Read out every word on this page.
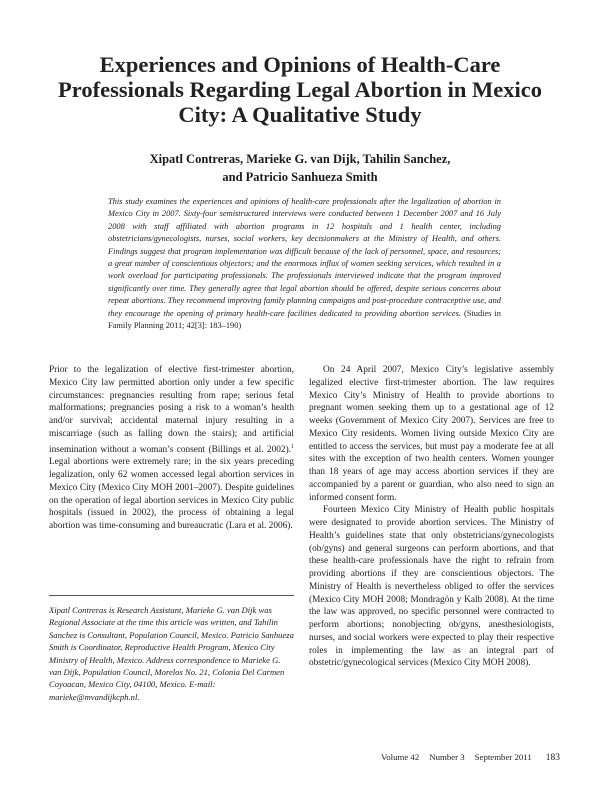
Experiences and Opinions of Health-Care Professionals Regarding Legal Abortion in Mexico City: A Qualitative Study
Xipatl Contreras, Marieke G. van Dijk, Tahilin Sanchez,
and Patricio Sanhueza Smith
This study examines the experiences and opinions of health-care professionals after the legalization of abortion in Mexico City in 2007. Sixty-four semistructured interviews were conducted between 1 December 2007 and 16 July 2008 with staff affiliated with abortion programs in 12 hospitals and 1 health center, including obstetricians/gynecologists, nurses, social workers, key decisionmakers at the Ministry of Health, and others. Findings suggest that program implementation was difficult because of the lack of personnel, space, and resources; a great number of conscientious objectors; and the enormous influx of women seeking services, which resulted in a work overload for participating professionals. The professionals interviewed indicate that the program improved significantly over time. They generally agree that legal abortion should be offered, despite serious concerns about repeat abortions. They recommend improving family planning campaigns and post-procedure contraceptive use, and they encourage the opening of primary health-care facilities dedicated to providing abortion services. (Studies in Family Planning 2011; 42[3]: 183–190)

Prior to the legalization of elective first-trimester abortion, Mexico City law permitted abortion only under a few specific circumstances: pregnancies resulting from rape; serious fetal malformations; pregnancies posing a risk to a woman’s health and/or survival; accidental maternal injury resulting in a miscarriage (such as falling down the stairs); and artificial insemination without a woman’s consent (Billings et al. 2002).$^1$ Legal abortions were extremely rare; in the six years preceding legalization, only 62 women accessed legal abortion services in Mexico City (Mexico City MOH 2001–2007). Despite guidelines on the operation of legal abortion services in Mexico City public hospitals (issued in 2002), the process of obtaining a legal abortion was time-consuming and bureaucratic (Lara et al. 2006).

Xipatl Contreras is Research Assistant, Marieke G. van Dijk was Regional Associate at the time this article was written, and Tahilin Sanchez is Consultant, Population Council, Mexico. Patricio Sanhueza Smith is Coordinator, Reproductive Health Program, Mexico City Ministry of Health, Mexico. Address correspondence to Marieke G. van Dijk, Population Council, Morelos No. 21, Colonia Del Carmen Coyoacan, Mexico City, 04100, Mexico. E-mail: marieke@mvandijkcph.nl.

On 24 April 2007, Mexico City’s legislative assembly legalized elective first-trimester abortion. The law requires Mexico City’s Ministry of Health to provide abortions to pregnant women seeking them up to a gestational age of 12 weeks (Government of Mexico City 2007). Services are free to Mexico City residents. Women living outside Mexico City are entitled to access the services, but must pay a moderate fee at all sites with the exception of two health centers. Women younger than 18 years of age may access abortion services if they are accompanied by a parent or guardian, who also need to sign an informed consent form.

Fourteen Mexico City Ministry of Health public hospitals were designated to provide abortion services. The Ministry of Health’s guidelines state that only obstetricians/gynecologists (ob/gyns) and general surgeons can perform abortions, and that these health-care professionals have the right to refrain from providing abortions if they are conscientious objectors. The Ministry of Health is nevertheless obliged to offer the services (Mexico City MOH 2008; Mondragón y Kalb 2008). At the time the law was approved, no specific personnel were contracted to perform abortions; nonobjecting ob/gyns, anesthesiologists, nurses, and social workers were expected to play their respective roles in implementing the law as an integral part of obstetric/gynecological services (Mexico City MOH 2008).

Volume 42 Number 3 September 2011 183
